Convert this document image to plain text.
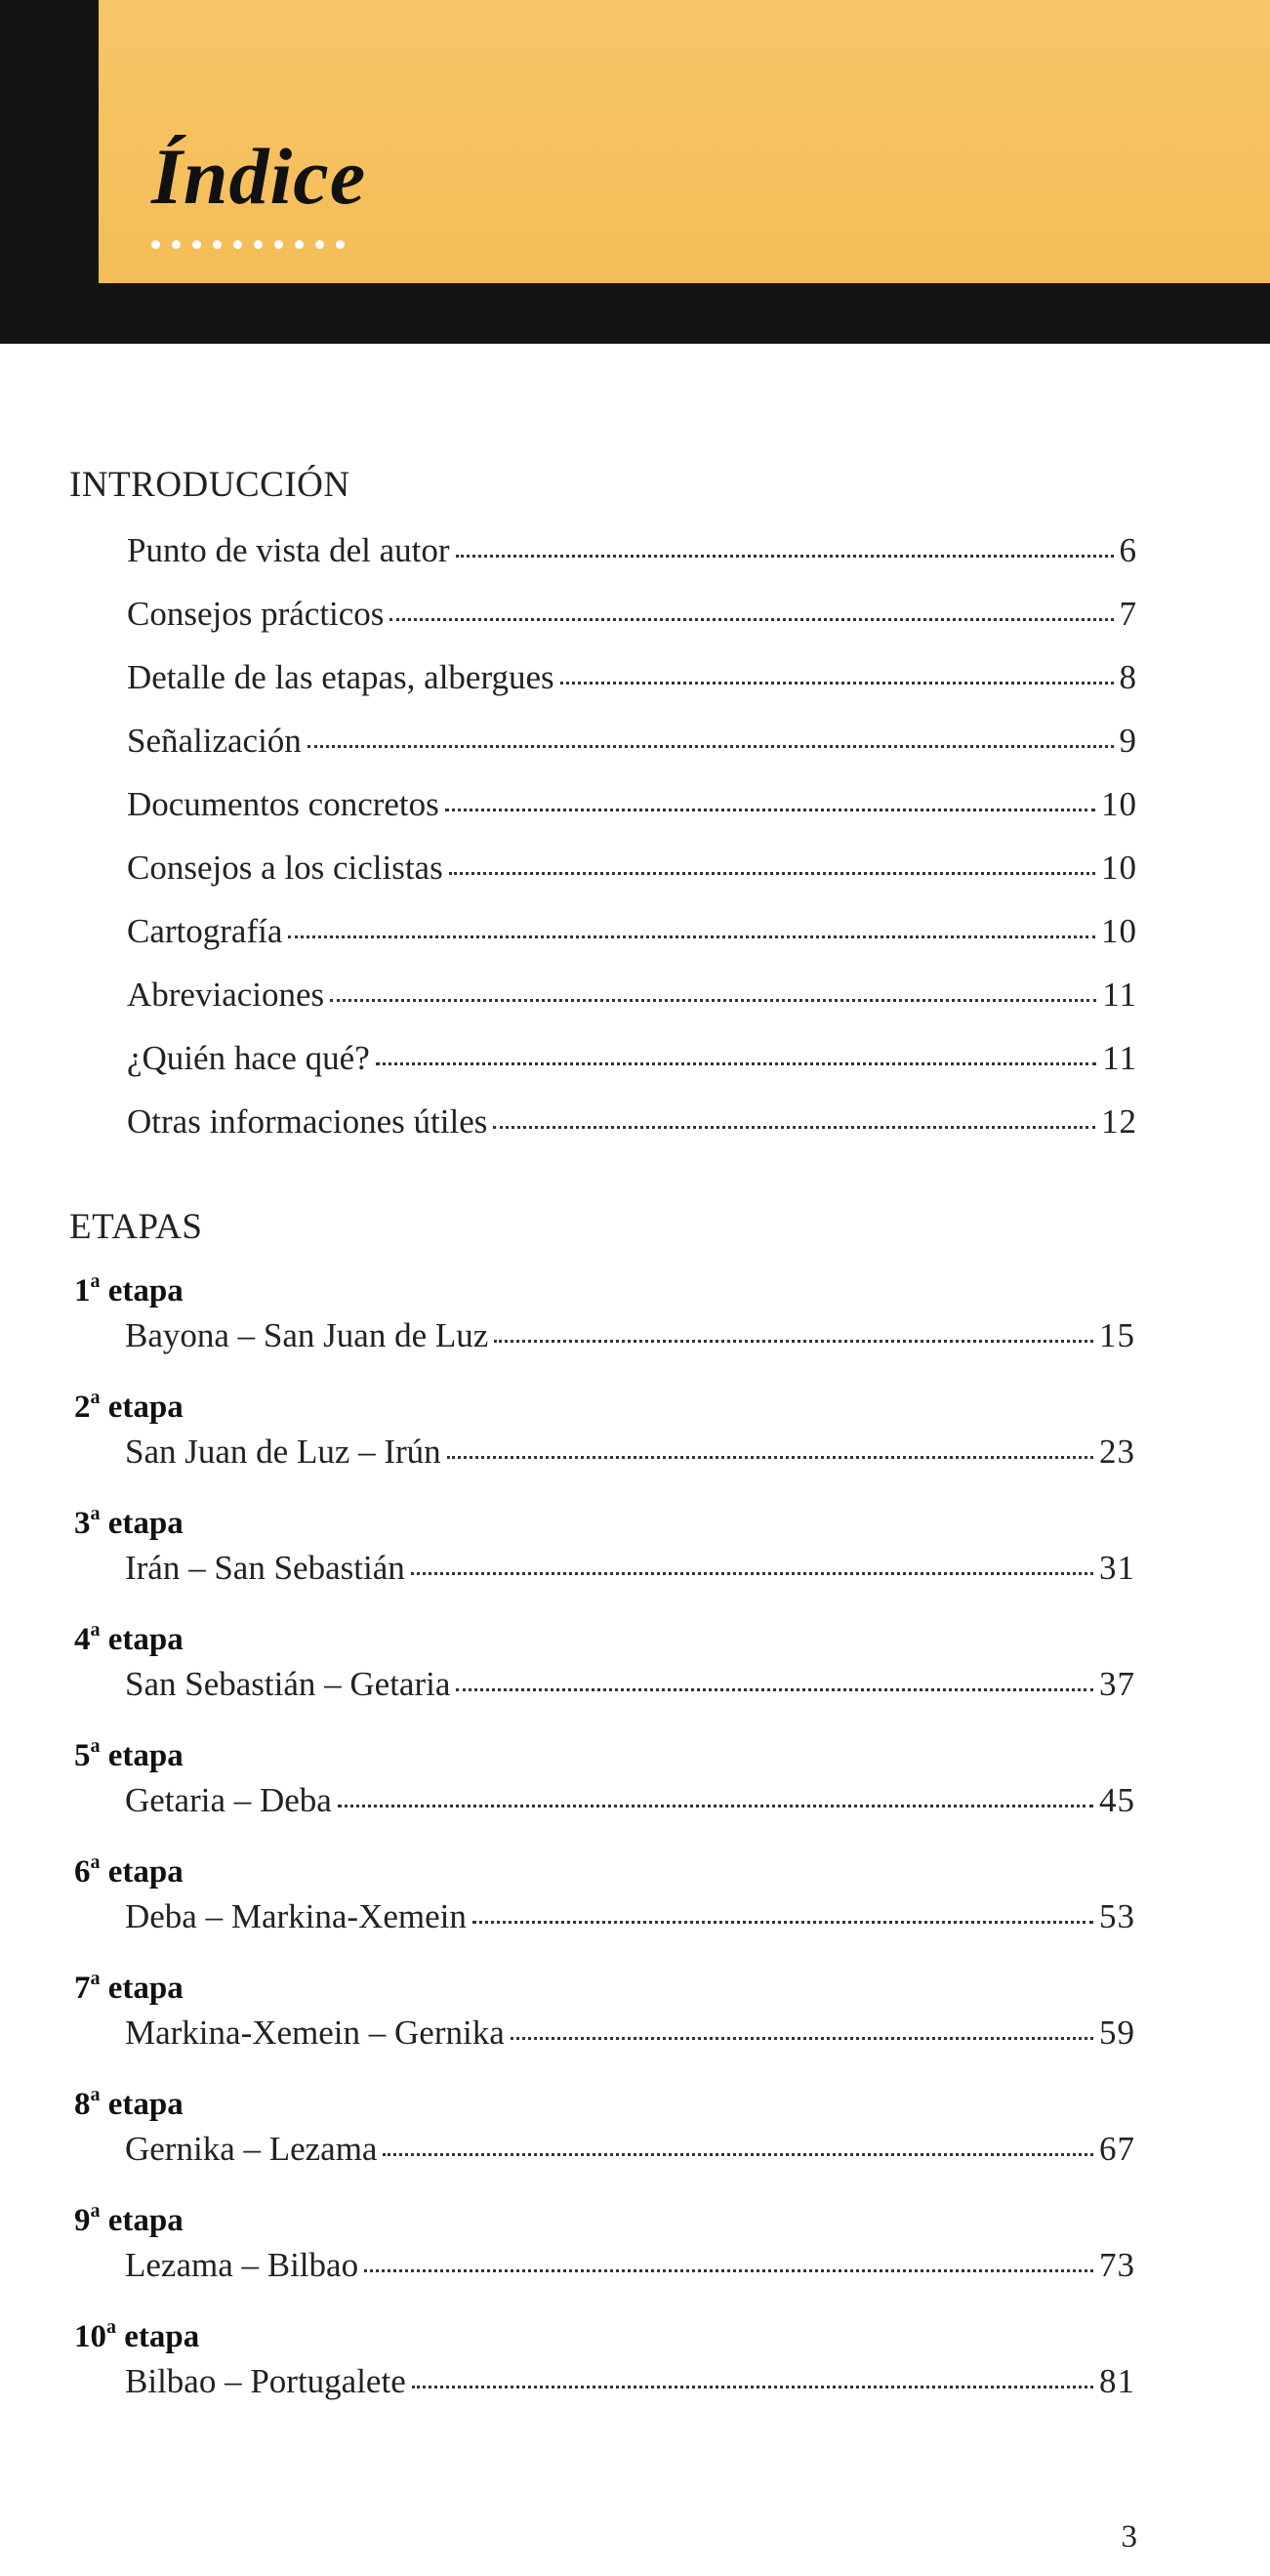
Índice
INTRODUCCIÓN
Punto de vista del autor	6
Consejos prácticos	7
Detalle de las etapas, albergues	8
Señalización	9
Documentos concretos	10
Consejos a los ciclistas	10
Cartografía	10
Abreviaciones	11
¿Quién hace qué?	11
Otras informaciones útiles	12
ETAPAS
1$^a$ etapa
Bayona – San Juan de Luz	15
2$^a$ etapa
San Juan de Luz – Irún	23
3$^a$ etapa
Irán – San Sebastián	31
4$^a$ etapa
San Sebastián – Getaria	37
5$^a$ etapa
Getaria – Deba	45
6$^a$ etapa
Deba – Markina-Xemein	53
7$^a$ etapa
Markina-Xemein – Gernika	59
8$^a$ etapa
Gernika – Lezama	67
9$^a$ etapa
Lezama – Bilbao	73
10$^a$ etapa
Bilbao – Portugalete	81
3
